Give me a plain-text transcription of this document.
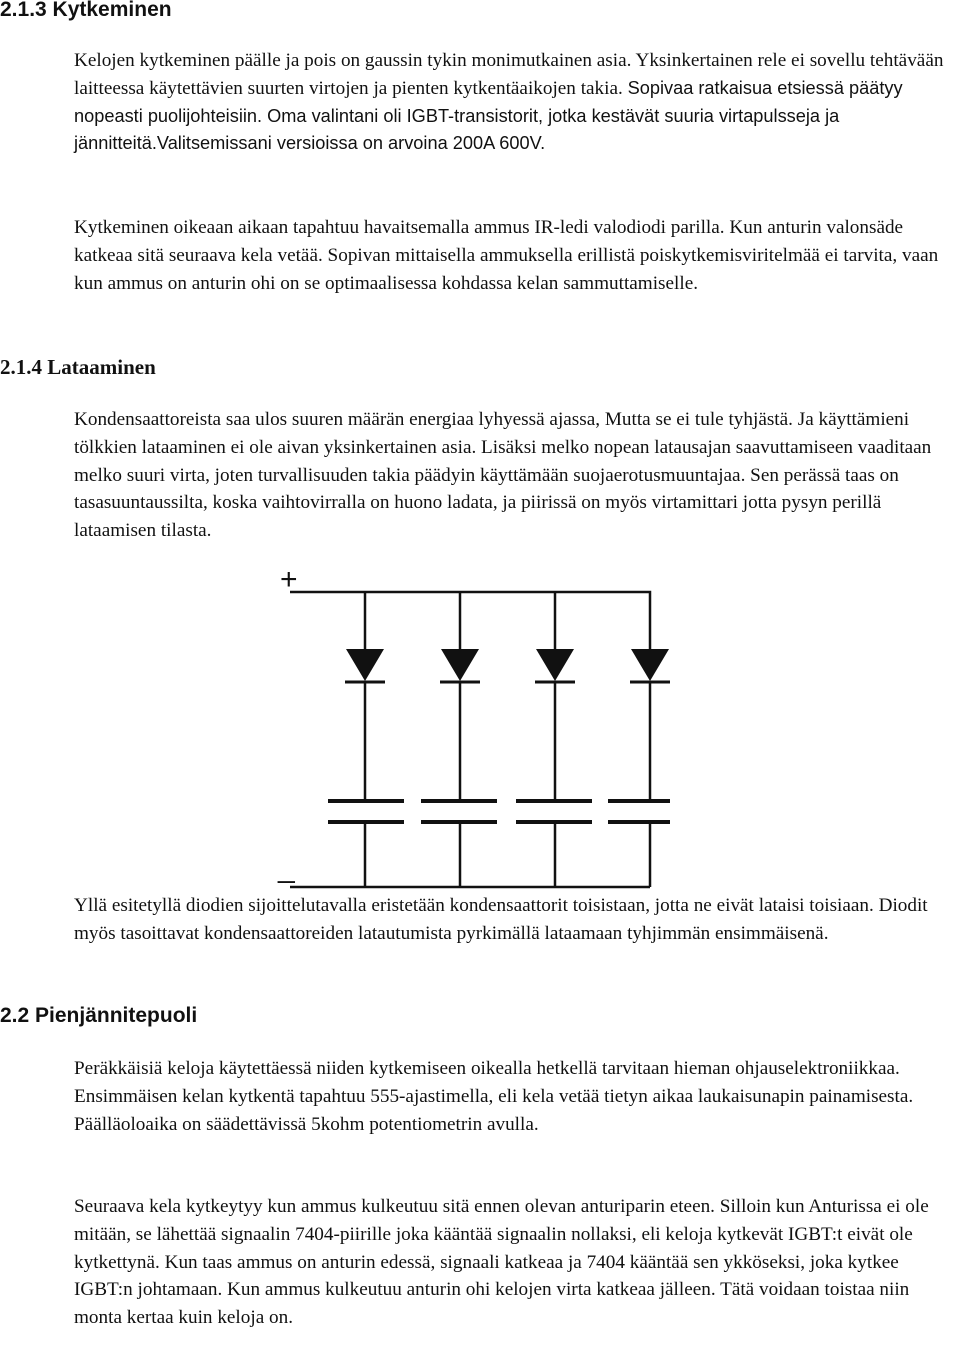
2.1.3 Kytkeminen

Kelojen kytkeminen päälle ja pois on gaussin tykin monimutkainen asia. Yksinkertainen rele ei sovellu tehtävään laitteessa käytettävien suurten virtojen ja pienten kytkentäaikojen takia. Sopivaa ratkaisua etsiessä päätyy nopeasti puolijohteisiin. Oma valintani oli IGBT-transistorit, jotka kestävät suuria virtapulsseja ja jännitteitä.Valitsemissani versioissa on arvoina 200A 600V.

Kytkeminen oikeaan aikaan tapahtuu havaitsemalla ammus IR-ledi valodiodi parilla. Kun anturin valonsäde katkeaa sitä seuraava kela vetää. Sopivan mittaisella ammuksella erillistä poiskytkemisviritelmää ei tarvita, vaan kun ammus on anturin ohi on se optimaalisessa kohdassa kelan sammuttamiselle.

2.1.4 Lataaminen

Kondensaattoreista saa ulos suuren määrän energiaa lyhyessä ajassa, Mutta se ei tule tyhjästä. Ja käyttämieni tölkkien lataaminen ei ole aivan yksinkertainen asia. Lisäksi melko nopean latausajan saavuttamiseen vaaditaan melko suuri virta, joten turvallisuuden takia päädyin käyttämään suojaerotusmuuntajaa. Sen perässä taas on tasasuuntaussilta, koska vaihtovirralla on huono ladata, ja piirissä on myös virtamittari jotta pysyn perillä lataamisen tilasta.

+
_

Yllä esitetyllä diodien sijoittelutavalla eristetään kondensaattorit toisistaan, jotta ne eivät lataisi toisiaan. Diodit myös tasoittavat kondensaattoreiden latautumista pyrkimällä lataamaan tyhjimmän ensimmäisenä.

2.2 Pienjännitepuoli

Peräkkäisiä keloja käytettäessä niiden kytkemiseen oikealla hetkellä tarvitaan hieman ohjauselektroniikkaa. Ensimmäisen kelan kytkentä tapahtuu 555-ajastimella, eli kela vetää tietyn aikaa laukaisunapin painamisesta. Päälläoloaika on säädettävissä 5kohm potentiometrin avulla.

Seuraava kela kytkeytyy kun ammus kulkeutuu sitä ennen olevan anturiparin eteen. Silloin kun Anturissa ei ole mitään, se lähettää signaalin 7404-piirille joka kääntää signaalin nollaksi, eli keloja kytkevät IGBT:t eivät ole kytkettynä. Kun taas ammus on anturin edessä, signaali katkeaa ja 7404 kääntää sen ykköseksi, joka kytkee IGBT:n johtamaan. Kun ammus kulkeutuu anturin ohi kelojen virta katkeaa jälleen. Tätä voidaan toistaa niin monta kertaa kuin keloja on.
